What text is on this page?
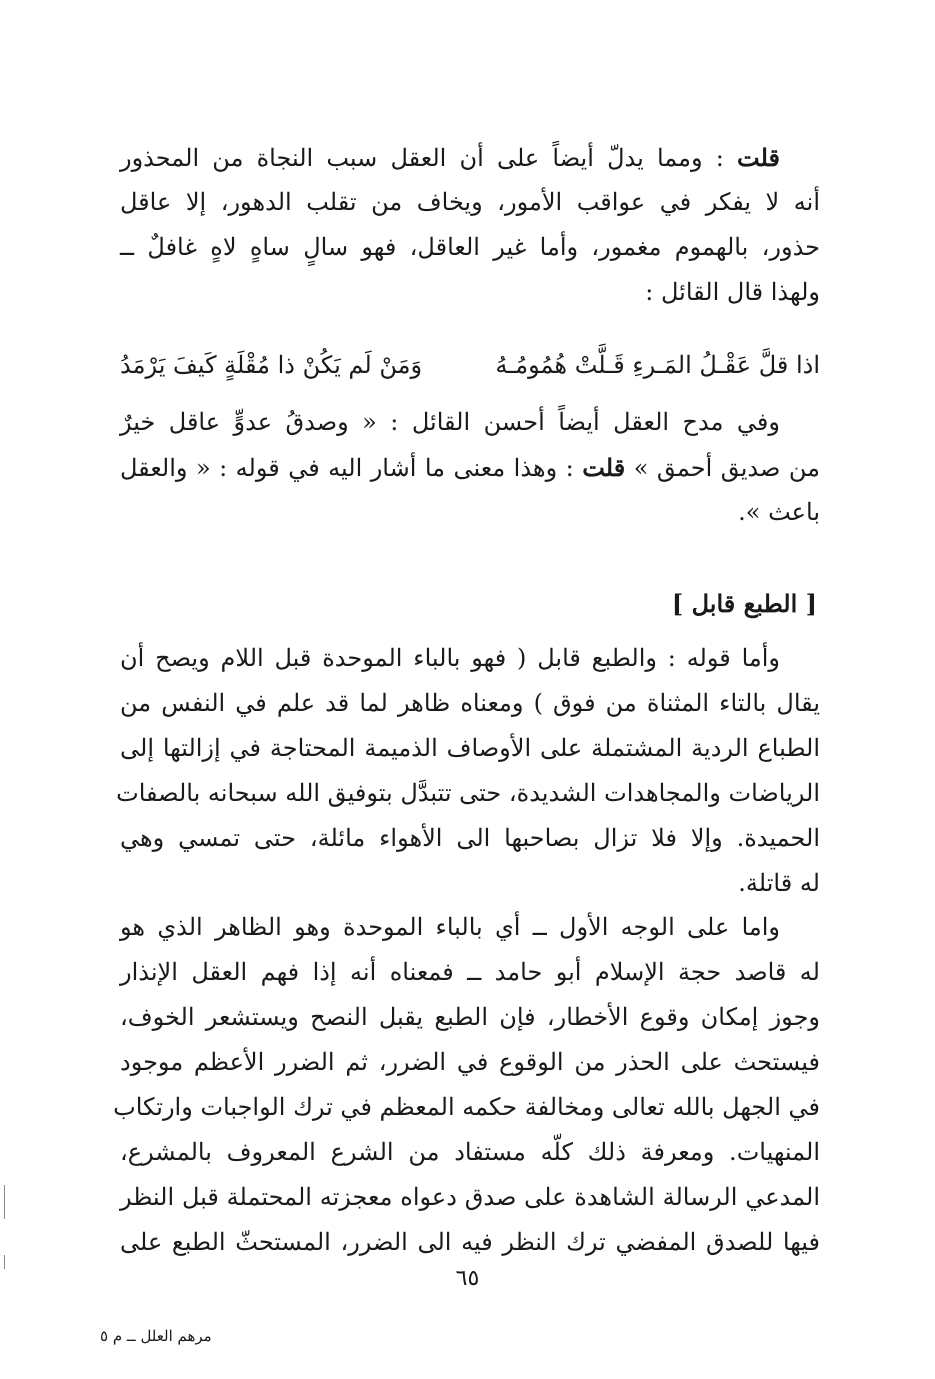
قلت : ومما يدلّ أيضاً على أن العقل سبب النجاة من المحذور
أنه لا يفكر في عواقب الأمور، ويخاف من تقلب الدهور، إلا عاقل
حذور، بالهموم مغمور، وأما غير العاقل، فهو سالٍ ساهٍ لاهٍ غافلٌ ــ
ولهذا قال القائل :
اذا قلَّ عَقْـلُ المَـرءِ قَـلَّتْ هُمُومُـهُ
وَمَنْ لَم يَكُنْ ذا مُقْلَةٍ كَيفَ يَرْمَدُ
وفي مدح العقل أيضاً أحسن القائل : « وصدقُ عدوٍّ عاقل خيرٌ
من صديق أحمق » قلت : وهذا معنى ما أشار اليه في قوله : « والعقل
باعث ».
[ الطبع قابل ]
وأما قوله : والطبع قابل ( فهو بالباء الموحدة قبل اللام ويصح أن
يقال بالتاء المثناة من فوق ) ومعناه ظاهر لما قد علم في النفس من
الطباع الردية المشتملة على الأوصاف الذميمة المحتاجة في إزالتها إلى
الرياضات والمجاهدات الشديدة، حتى تتبدَّل بتوفيق الله سبحانه بالصفات
الحميدة. وإلا فلا تزال بصاحبها الى الأهواء مائلة، حتى تمسي وهي
له قاتلة.
واما على الوجه الأول ــ أي بالباء الموحدة وهو الظاهر الذي هو
له قاصد حجة الإسلام أبو حامد ــ فمعناه أنه إذا فهم العقل الإنذار
وجوز إمكان وقوع الأخطار، فإن الطبع يقبل النصح ويستشعر الخوف،
فيستحث على الحذر من الوقوع في الضرر، ثم الضرر الأعظم موجود
في الجهل بالله تعالى ومخالفة حكمه المعظم في ترك الواجبات وارتكاب
المنهيات. ومعرفة ذلك كلّه مستفاد من الشرع المعروف بالمشرع،
المدعي الرسالة الشاهدة على صدق دعواه معجزته المحتملة قبل النظر
فيها للصدق المفضي ترك النظر فيه الى الضرر، المستحثّ الطبع على
٦٥
مرهم العلل ــ م ٥
